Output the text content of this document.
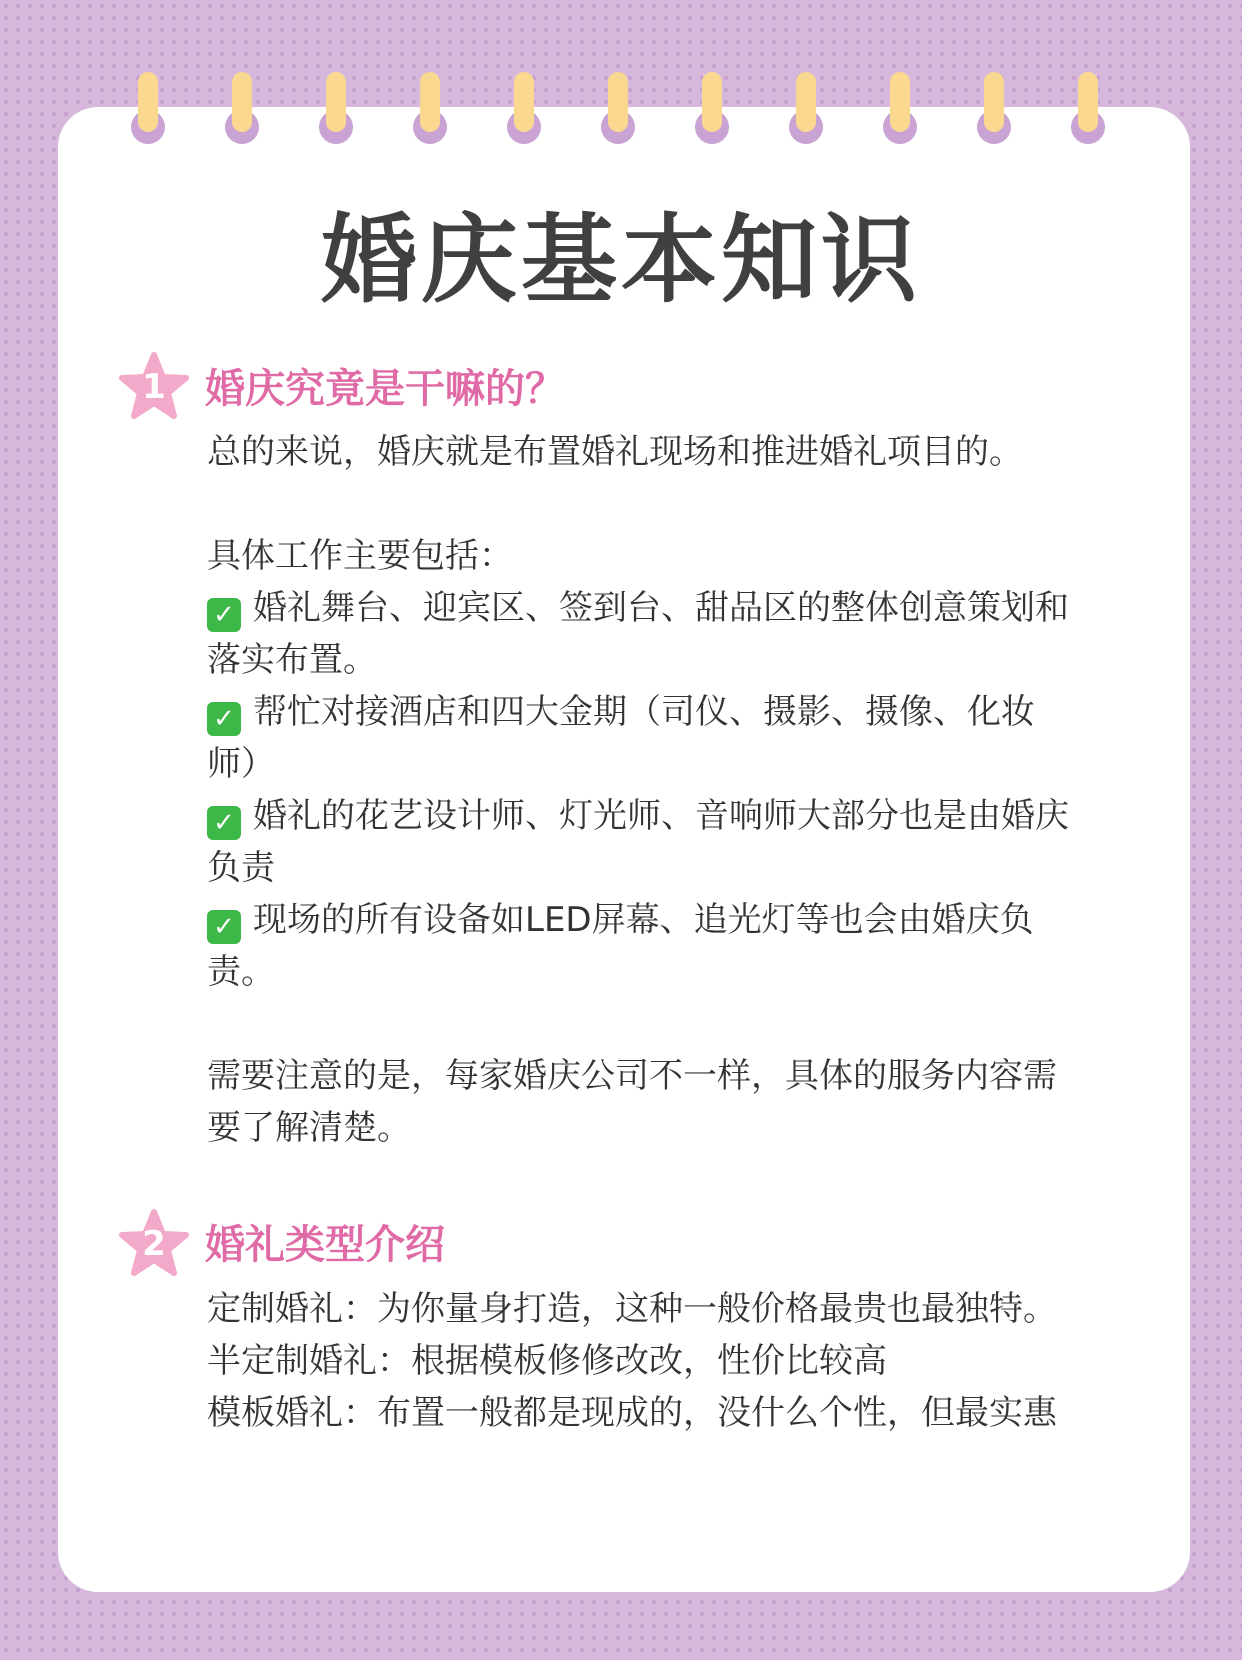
婚庆基本知识
1 婚庆究竟是干嘛的？
总的来说，婚庆就是布置婚礼现场和推进婚礼项目的。

具体工作主要包括：
✓ 婚礼舞台、迎宾区、签到台、甜品区的整体创意策划和
落实布置。
✓ 帮忙对接酒店和四大金期（司仪、摄影、摄像、化妆
师）
✓ 婚礼的花艺设计师、灯光师、音响师大部分也是由婚庆
负责
✓ 现场的所有设备如LED屏幕、追光灯等也会由婚庆负
责。

需要注意的是，每家婚庆公司不一样，具体的服务内容需
要了解清楚。
2 婚礼类型介绍
定制婚礼：为你量身打造，这种一般价格最贵也最独特。
半定制婚礼：根据模板修修改改，性价比较高
模板婚礼：布置一般都是现成的，没什么个性，但最实惠
